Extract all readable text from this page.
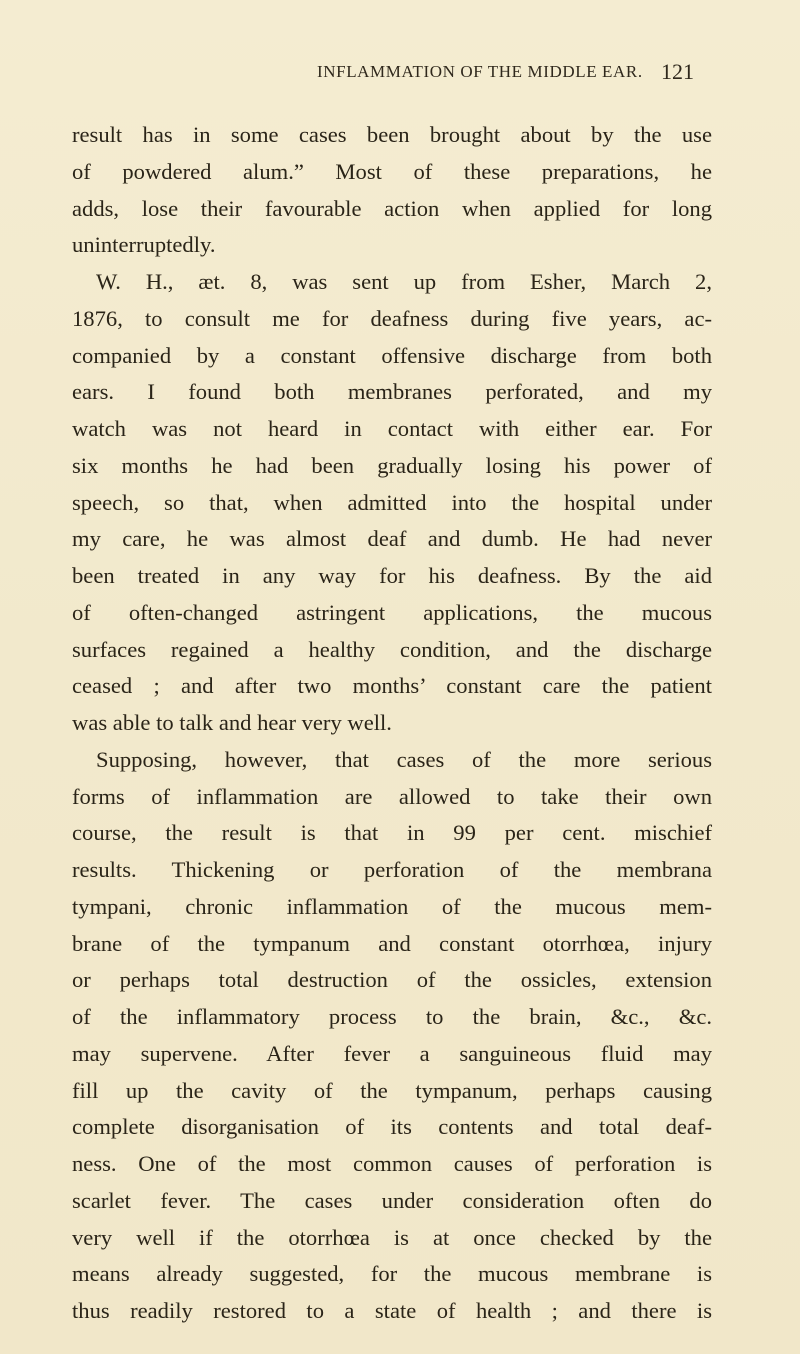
INFLAMMATION OF THE MIDDLE EAR. 121
result has in some cases been brought about by the use
of powdered alum.” Most of these preparations, he
adds, lose their favourable action when applied for long
uninterruptedly.
W. H., æt. 8, was sent up from Esher, March 2,
1876, to consult me for deafness during five years, ac-
companied by a constant offensive discharge from both
ears. I found both membranes perforated, and my
watch was not heard in contact with either ear. For
six months he had been gradually losing his power of
speech, so that, when admitted into the hospital under
my care, he was almost deaf and dumb. He had never
been treated in any way for his deafness. By the aid
of often-changed astringent applications, the mucous
surfaces regained a healthy condition, and the discharge
ceased ; and after two months’ constant care the patient
was able to talk and hear very well.
Supposing, however, that cases of the more serious
forms of inflammation are allowed to take their own
course, the result is that in 99 per cent. mischief
results. Thickening or perforation of the membrana
tympani, chronic inflammation of the mucous mem-
brane of the tympanum and constant otorrhœa, injury
or perhaps total destruction of the ossicles, extension
of the inflammatory process to the brain, &c., &c.
may supervene. After fever a sanguineous fluid may
fill up the cavity of the tympanum, perhaps causing
complete disorganisation of its contents and total deaf-
ness. One of the most common causes of perforation is
scarlet fever. The cases under consideration often do
very well if the otorrhœa is at once checked by the
means already suggested, for the mucous membrane is
thus readily restored to a state of health ; and there is
